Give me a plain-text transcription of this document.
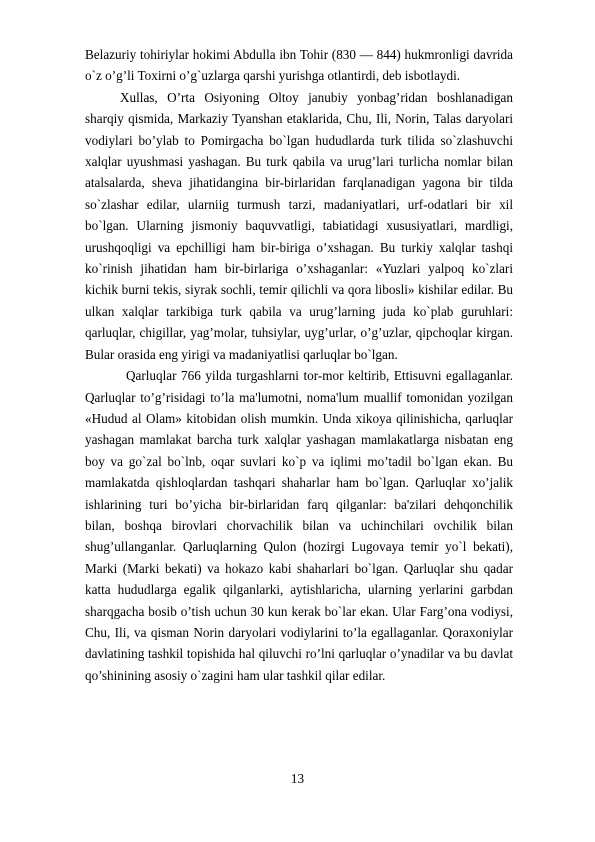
Belazuriy tohiriylar hokimi Abdulla ibn Tohir (830 — 844) hukmronligi davrida o`z o’g’li Toxirni o’g`uzlarga qarshi yurishga otlantirdi, deb isbotlaydi.

Xullas, O’rta Osiyoning Oltoy janubiy yonbag’ridan boshlanadigan sharqiy qismida, Markaziy Tyanshan etaklarida, Chu, Ili, Norin, Talas daryolari vodiylari bo’ylab to Pomirgacha bo`lgan hududlarda turk tilida so`zlashuvchi xalqlar uyushmasi yashagan. Bu turk qabila va urug’lari turlicha nomlar bilan atalsalarda, sheva jihatidangina bir-birlaridan farqlanadigan yagona bir tilda so`zlashar edilar, ularniig turmush tarzi, madaniyatlari, urf-odatlari bir xil bo`lgan. Ularning jismoniy baquvvatligi, tabiatidagi xususiyatlari, mardligi, urushqoqligi va epchilligi ham bir-biriga o’xshagan. Bu turkiy xalqlar tashqi ko`rinish jihatidan ham bir-birlariga o’xshaganlar: «Yuzlari yalpoq ko`zlari kichik burni tekis, siyrak sochli, temir qilichli va qora libosli» kishilar edilar. Bu ulkan xalqlar tarkibiga turk qabila va urug’larning juda ko`plab guruhlari: qarluqlar, chigillar, yag’molar, tuhsiylar, uyg’urlar, o’g’uzlar, qipchoqlar kirgan. Bular orasida eng yirigi va madaniyatlisi qarluqlar bo`lgan.

Qarluqlar 766 yilda turgashlarni tor-mor keltirib, Ettisuvni egallaganlar. Qarluqlar to’g’risidagi to’la ma'lumotni, noma'lum muallif tomonidan yozilgan «Hudud al Olam» kitobidan olish mumkin. Unda xikoya qilinishicha, qarluqlar yashagan mamlakat barcha turk xalqlar yashagan mamlakatlarga nisbatan eng boy va go`zal bo`lnb, oqar suvlari ko`p va iqlimi mo’tadil bo`lgan ekan. Bu mamlakatda qishloqlardan tashqari shaharlar ham bo`lgan. Qarluqlar xo’jalik ishlarining turi bo’yicha bir-birlaridan farq qilganlar: ba'zilari dehqonchilik bilan, boshqa birovlari chorvachilik bilan va uchinchilari ovchilik bilan shug’ullanganlar. Qarluqlarning Qulon (hozirgi Lugovaya temir yo`l bekati), Marki (Marki bekati) va hokazo kabi shaharlari bo`lgan. Qarluqlar shu qadar katta hududlarga egalik qilganlarki, aytishlaricha, ularning yerlarini garbdan sharqgacha bosib o’tish uchun 30 kun kerak bo`lar ekan. Ular Farg’ona vodiysi, Chu, Ili, va qisman Norin daryolari vodiylarini to’la egallaganlar. Qoraxoniylar davlatining tashkil topishida hal qiluvchi ro’lni qarluqlar o’ynadilar va bu davlat qo’shinining asosiy o`zagini ham ular tashkil qilar edilar.

13
